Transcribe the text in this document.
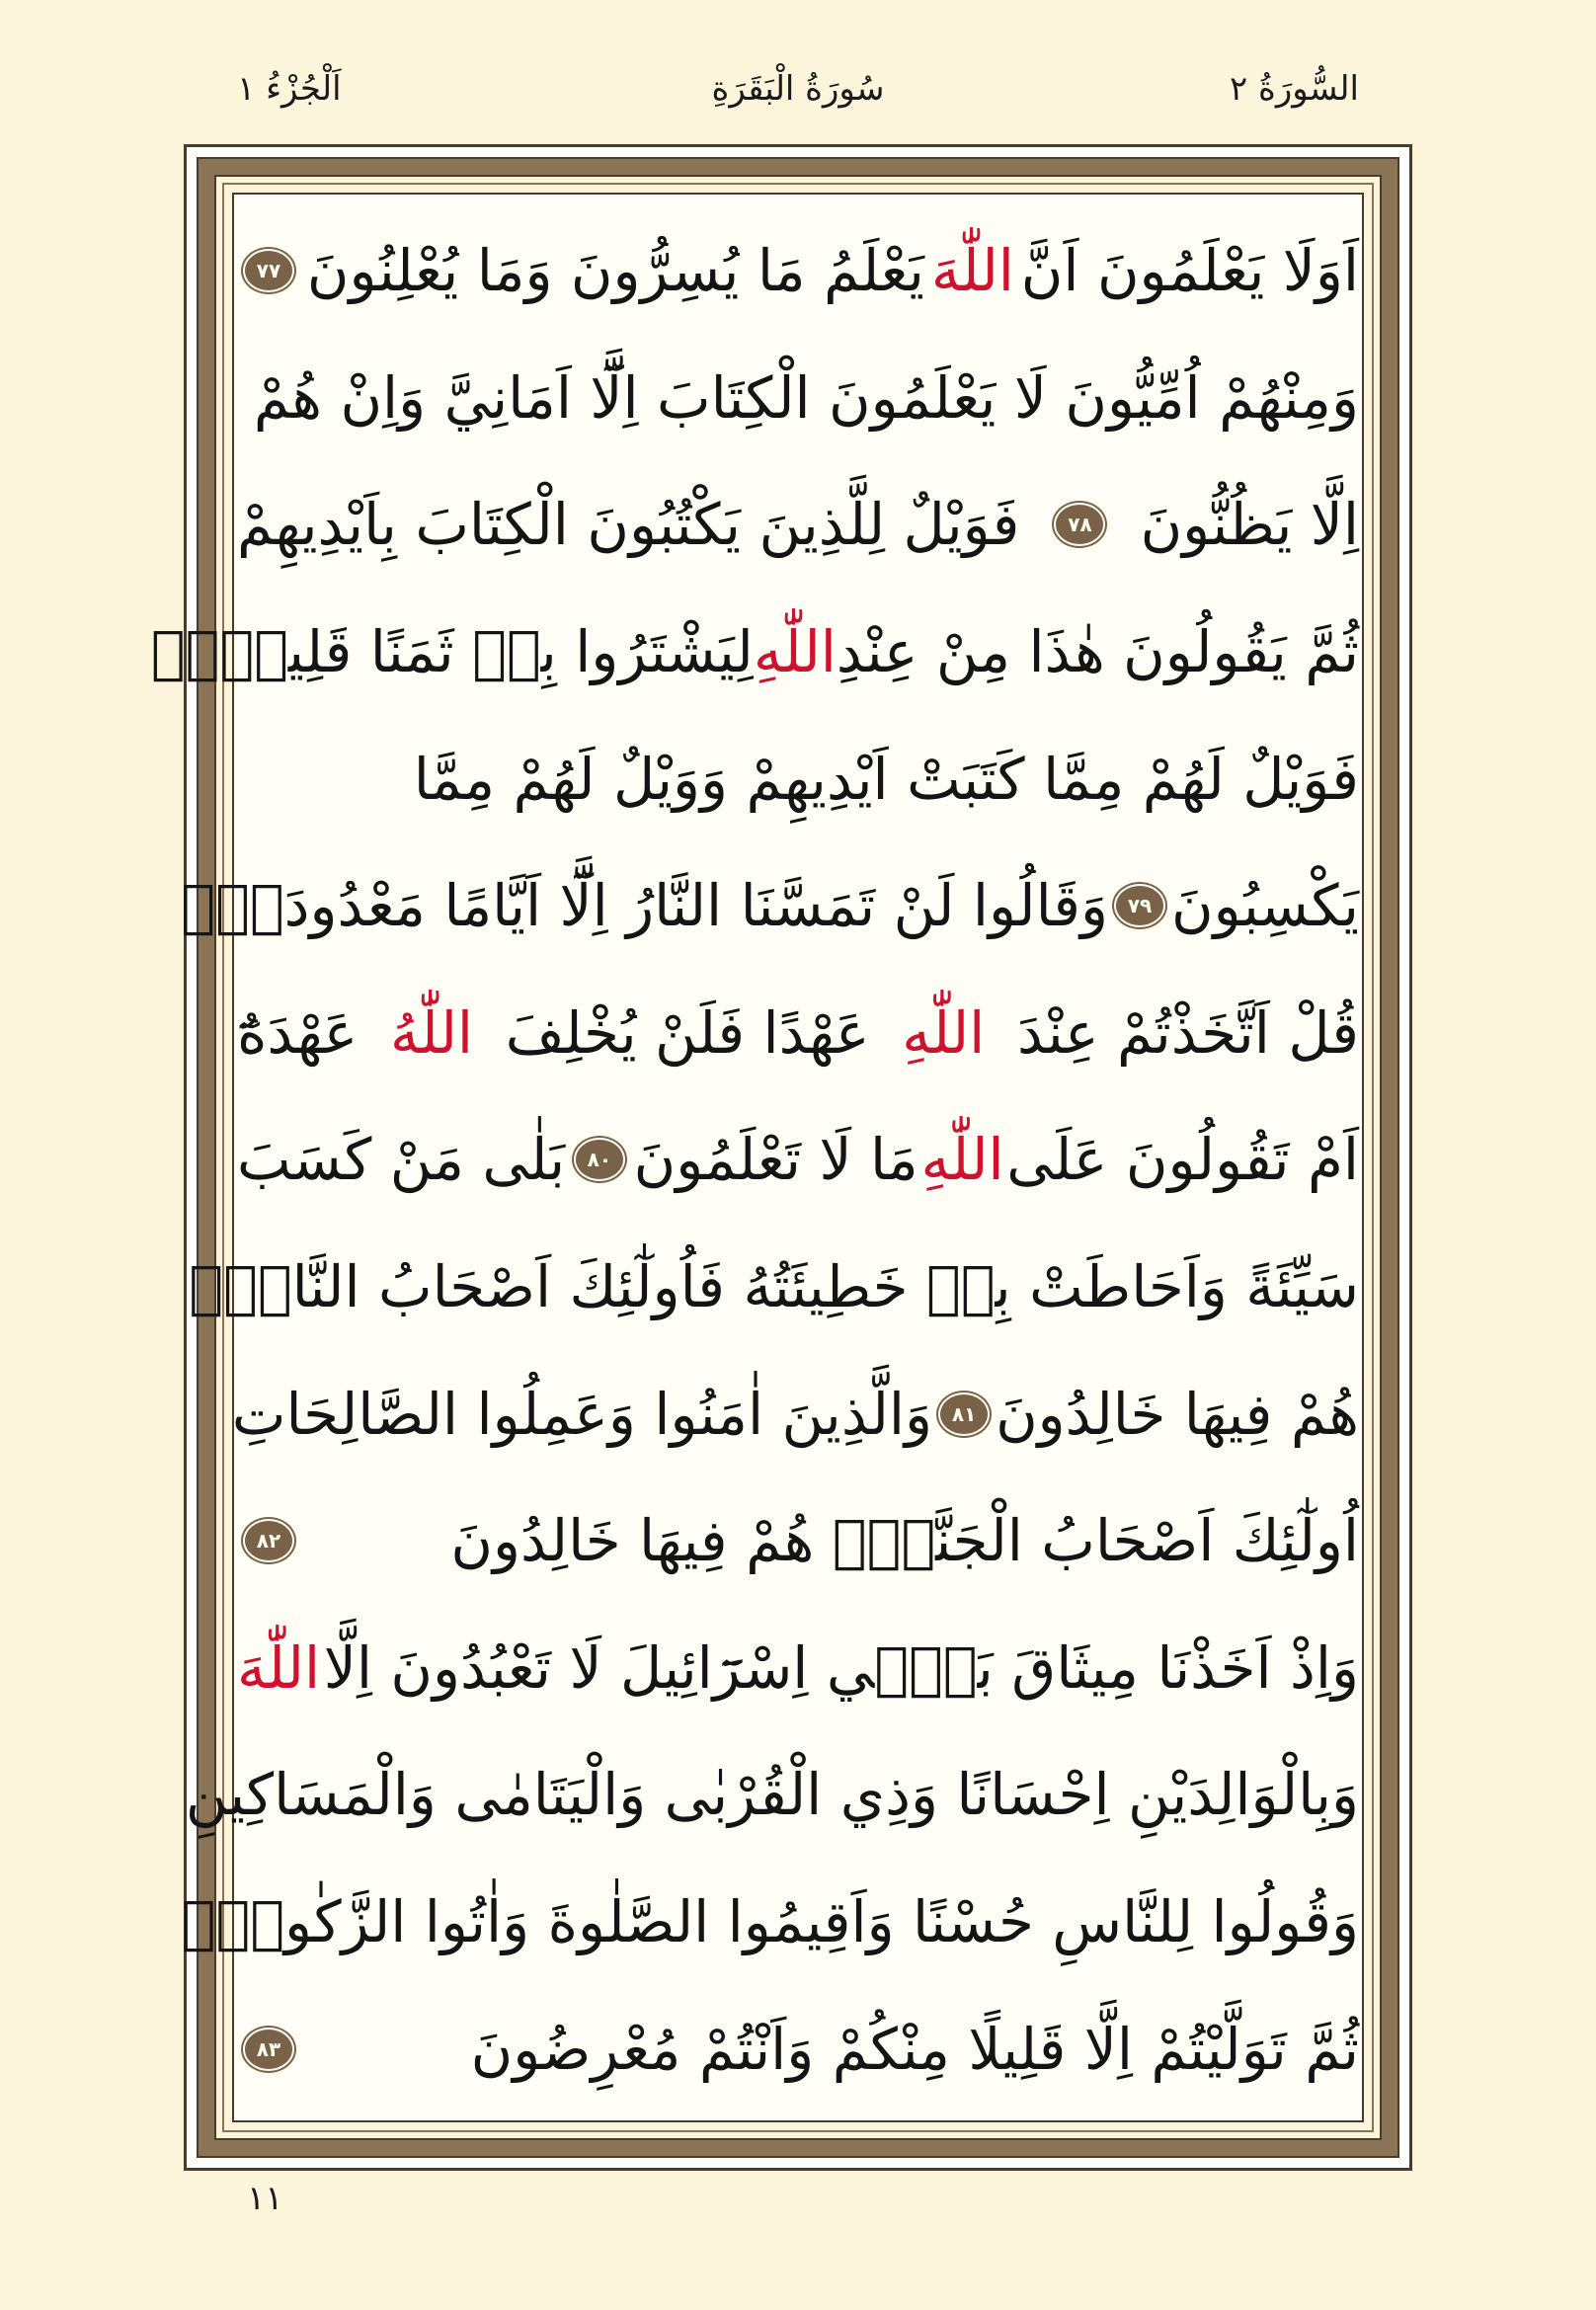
السُّورَةُ ٢
سُورَةُ الْبَقَرَةِ
اَلْجُزْءُ ١
اَوَلَا يَعْلَمُونَ اَنَّ
اللّٰهَ
يَعْلَمُ مَا يُسِرُّونَ وَمَا يُعْلِنُونَ
٧٧
وَمِنْهُمْ اُمِّيُّونَ لَا يَعْلَمُونَ الْكِتَابَ اِلَّٓا اَمَانِيَّ وَاِنْ هُمْ
اِلَّا يَظُنُّونَ
٧٨
فَوَيْلٌ لِلَّذِينَ يَكْتُبُونَ الْكِتَابَ بِاَيْدِيهِمْ
ثُمَّ يَقُولُونَ هٰذَا مِنْ عِنْدِ
اللّٰهِ
لِيَشْتَرُوا بِهٖ ثَمَنًا قَلِيلًاۜ
فَوَيْلٌ لَهُمْ مِمَّا كَتَبَتْ اَيْدِيهِمْ وَوَيْلٌ لَهُمْ مِمَّا
يَكْسِبُونَ
٧٩
وَقَالُوا لَنْ تَمَسَّنَا النَّارُ اِلَّٓا اَيَّامًا مَعْدُودَةًۜ
قُلْ اَتَّخَذْتُمْ عِنْدَ
اللّٰهِ
عَهْدًا فَلَنْ يُخْلِفَ
اللّٰهُ
عَهْدَهُٓ
اَمْ تَقُولُونَ عَلَى
اللّٰهِ
مَا لَا تَعْلَمُونَ
٨٠
بَلٰى مَنْ كَسَبَ
سَيِّئَةً وَاَحَاطَتْ بِهٖ خَطِيئَتُهُ فَاُولٰٓئِكَ اَصْحَابُ النَّارِۚ
هُمْ فِيهَا خَالِدُونَ
٨١
وَالَّذِينَ اٰمَنُوا وَعَمِلُوا الصَّالِحَاتِ
اُولٰٓئِكَ اَصْحَابُ الْجَنَّةِۚ هُمْ فِيهَا خَالِدُونَ
٨٢
وَاِذْ اَخَذْنَا مِيثَاقَ بَنٖٓي اِسْرَٓائِيلَ لَا تَعْبُدُونَ اِلَّا
اللّٰهَ
وَبِالْوَالِدَيْنِ اِحْسَانًا وَذِي الْقُرْبٰى وَالْيَتَامٰى وَالْمَسَاكِينِ
وَقُولُوا لِلنَّاسِ حُسْنًا وَاَقِيمُوا الصَّلٰوةَ وَاٰتُوا الزَّكٰوةَۜ
ثُمَّ تَوَلَّيْتُمْ اِلَّا قَلِيلًا مِنْكُمْ وَاَنْتُمْ مُعْرِضُونَ
٨٣
١١
